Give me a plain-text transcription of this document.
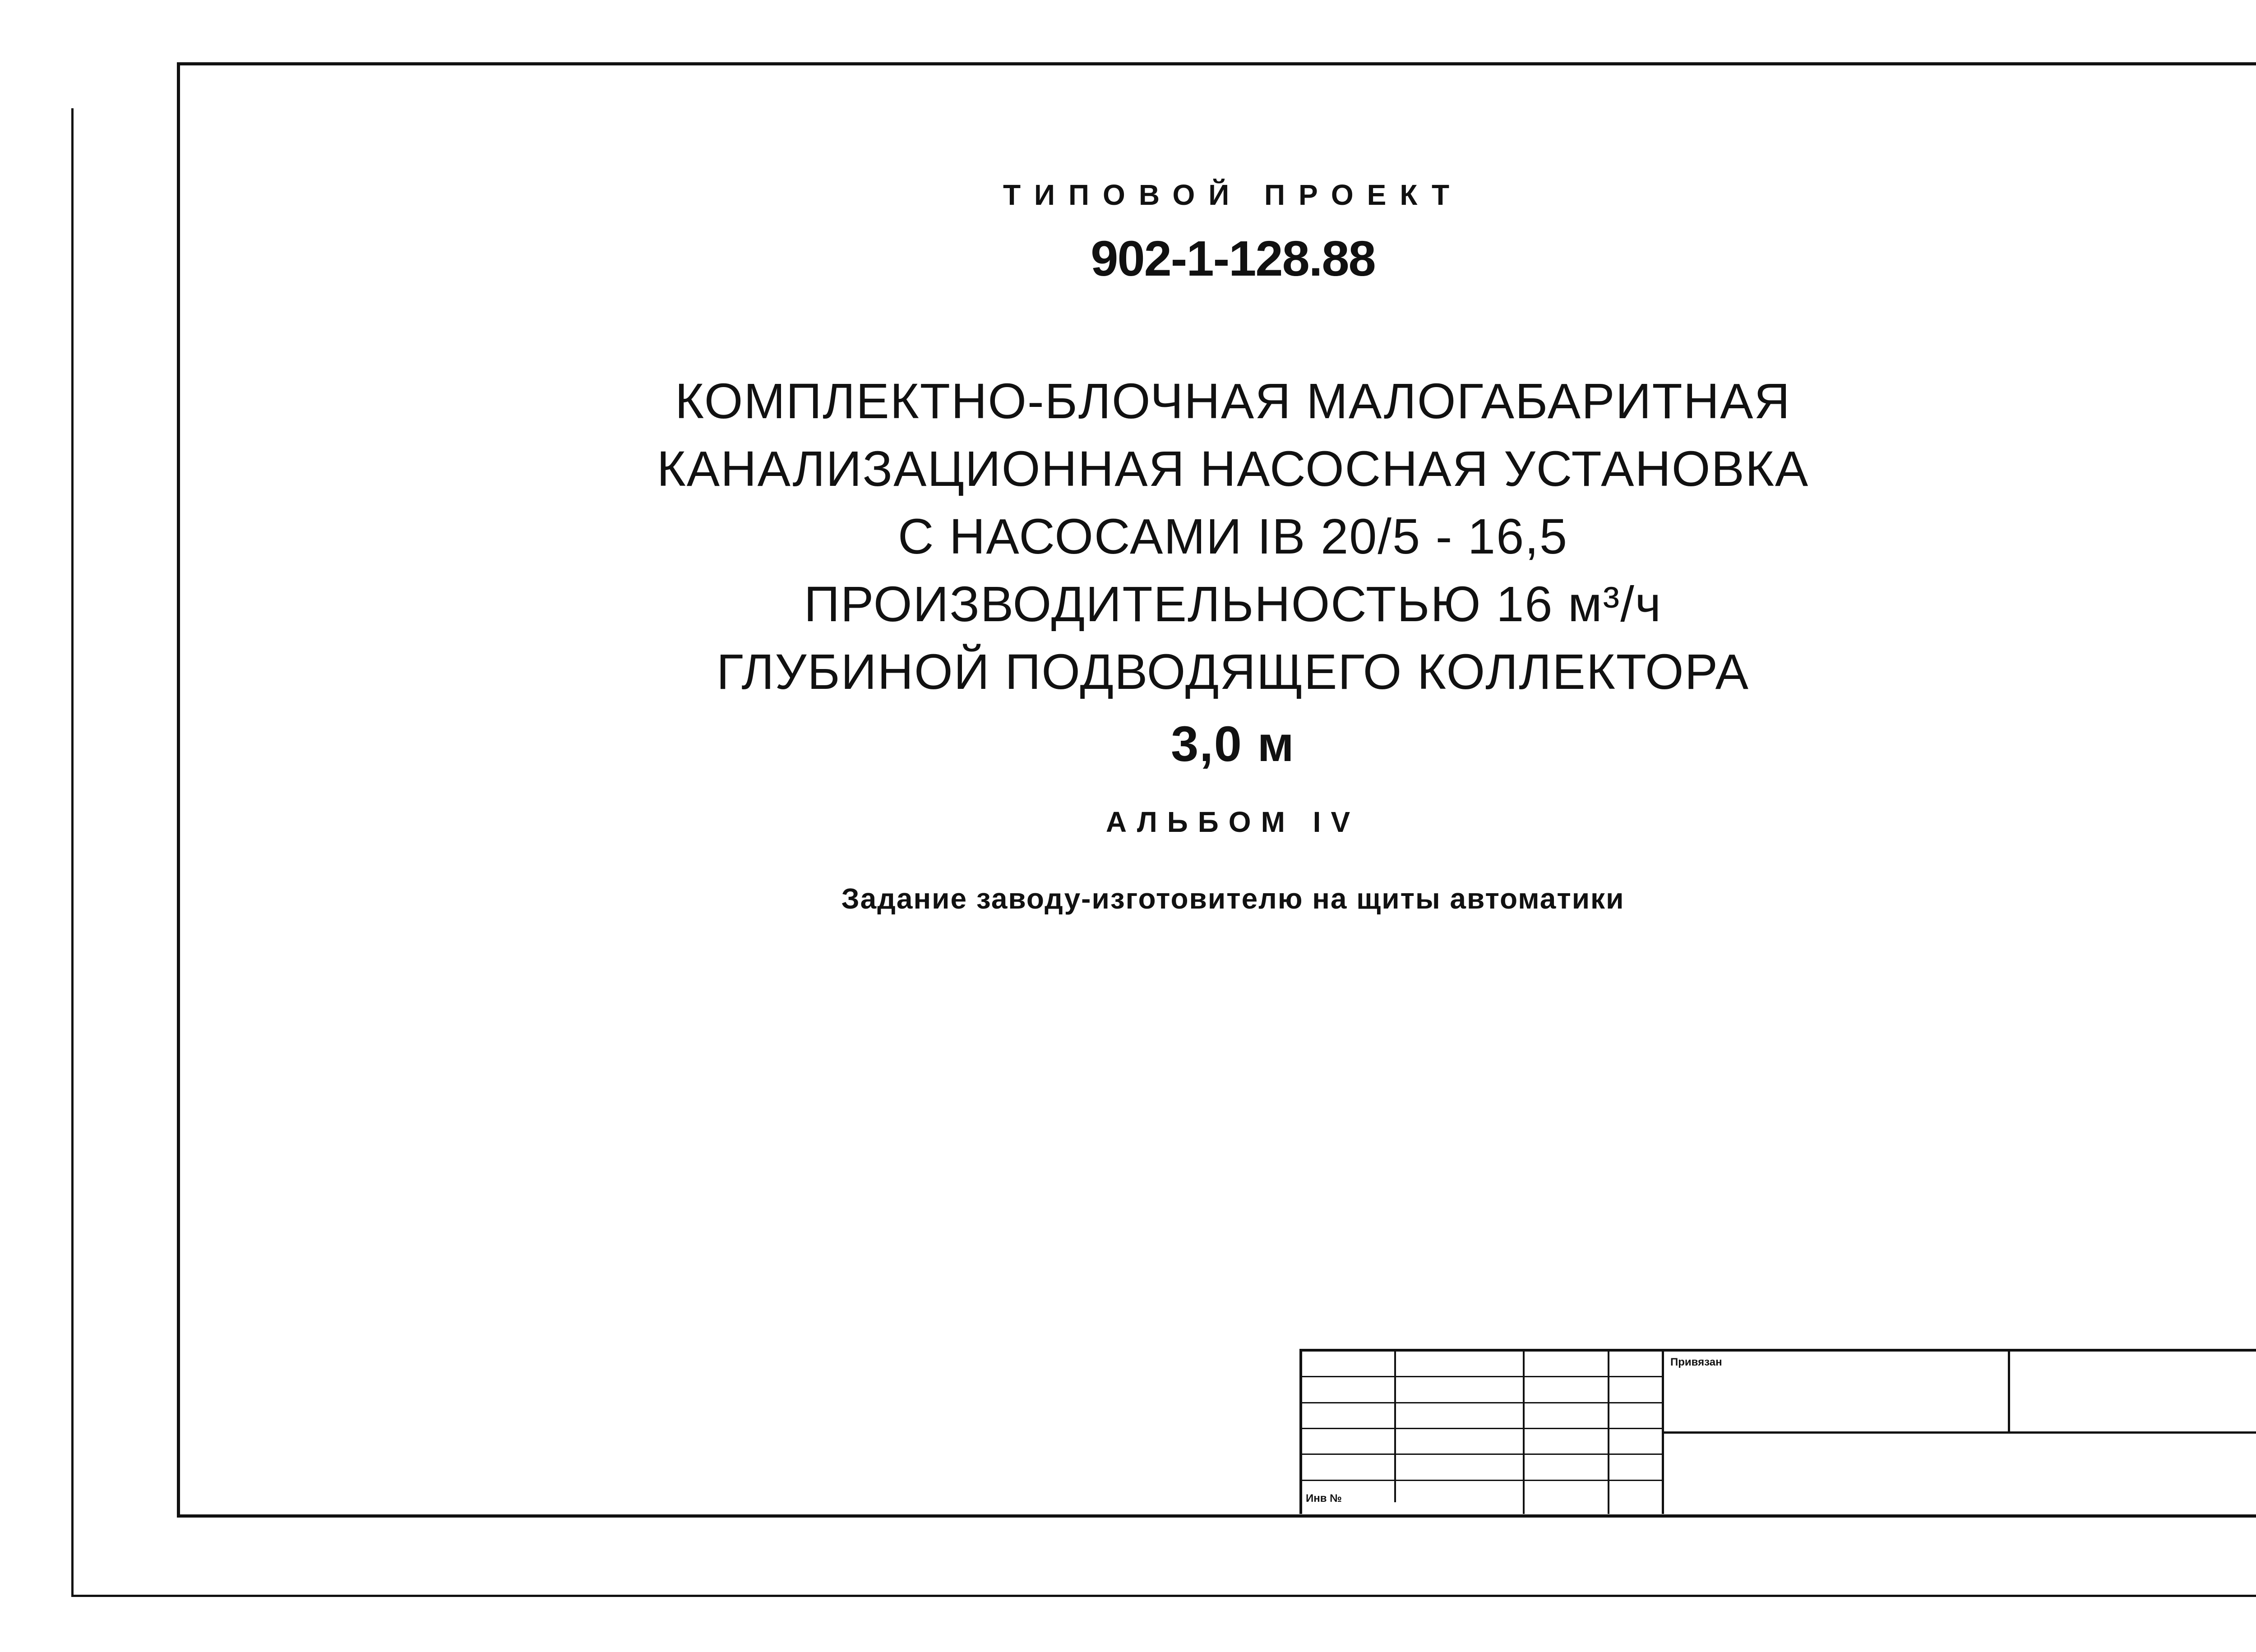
ТИПОВОЙ ПРОЕКТ
902-1-128.88
КОМПЛЕКТНО-БЛОЧНАЯ МАЛОГАБАРИТНАЯ
КАНАЛИЗАЦИОННАЯ НАСОСНАЯ УСТАНОВКА
С НАСОСАМИ IВ 20/5 - 16,5
ПРОИЗВОДИТЕЛЬНОСТЬЮ 16 м³/ч
ГЛУБИНОЙ ПОДВОДЯЩЕГО КОЛЛЕКТОРА
3,0 м
АЛЬБОМ IV
Задание заводу-изготовителю на щиты автоматики
Привязан
Инв №
